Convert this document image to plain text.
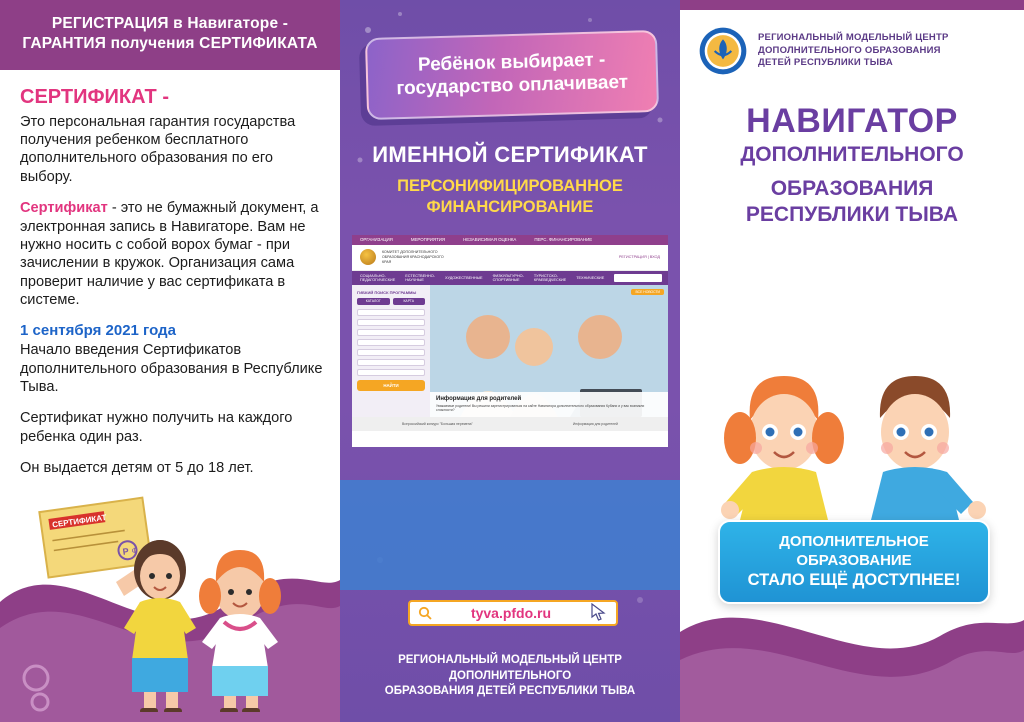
РЕГИСТРАЦИЯ в Навигаторе - ГАРАНТИЯ получения СЕРТИФИКАТА
СЕРТИФИКАТ -

Это персональная гарантия государства получения ребенком бесплатного дополнительного образования по его выбору.

Сертификат - это не бумажный документ, а электронная запись в Навигаторе. Вам не нужно носить с собой ворох бумаг - при зачислении в кружок. Организация сама проверит наличие у вас сертификата в системе.

1 сентября 2021 года
Начало введения Сертификатов дополнительного образования в Республике Тыва.

Сертификат нужно получить на каждого ребенка один раз.

Он выдается детям от 5 до 18 лет.

СЕРТИФИКАТ
Р Ф
Ребёнок выбирает - государство оплачивает
ИМЕННОЙ СЕРТИФИКАТ
ПЕРСОНИФИЦИРОВАННОЕ
ФИНАНСИРОВАНИЕ
ОРГАНИЗАЦИЯ	МЕРОПРИЯТИЯ	НЕЗАВИСИМАЯ ОЦЕНКА	ПЕРС. ФИНАНСИРОВАНИЕ
КОМИТЕТ ДОПОЛНИТЕЛЬНОГО
ОБРАЗОВАНИЯ КРАСНОДАРСКОГО
КРАЯ
РЕГИСТРАЦИЯ | ВХОД
СОЦИАЛЬНО- ПЕДАГОГИЧЕСКИЕ
ЕСТЕСТВЕННО- НАУЧНЫЕ	ХУДОЖЕСТВЕННЫЕ	ФИЗКУЛЬТУРНО- СПОРТИВНЫЕ
ТУРИСТСКО- КРАЕВЕДЧЕСКИЕ	ТЕХНИЧЕСКИЕ
ГИБКИЙ ПОИСК ПРОГРАММЫ
КАТАЛОГ	КАРТА
НАЙТИ
ВСЕ НОВОСТИ
Информация для родителей

Уважаемые родители! Вы решили зарегистрироваться на сайте Навигатора дополнительного образования Кубани и у вас возникли сложности?

Всероссийский конкурс "Большая перемена"	Информация для родителей
tyva.pfdo.ru
РЕГИОНАЛЬНЫЙ МОДЕЛЬНЫЙ ЦЕНТР ДОПОЛНИТЕЛЬНОГО
ОБРАЗОВАНИЯ ДЕТЕЙ РЕСПУБЛИКИ ТЫВА
РЕГИОНАЛЬНЫЙ МОДЕЛЬНЫЙ ЦЕНТР
ДОПОЛНИТЕЛЬНОГО ОБРАЗОВАНИЯ
ДЕТЕЙ РЕСПУБЛИКИ ТЫВА
НАВИГАТОР
ДОПОЛНИТЕЛЬНОГО
ОБРАЗОВАНИЯ
РЕСПУБЛИКИ ТЫВА
ДОПОЛНИТЕЛЬНОЕ
ОБРАЗОВАНИЕ
СТАЛО ЕЩЁ ДОСТУПНЕЕ!
